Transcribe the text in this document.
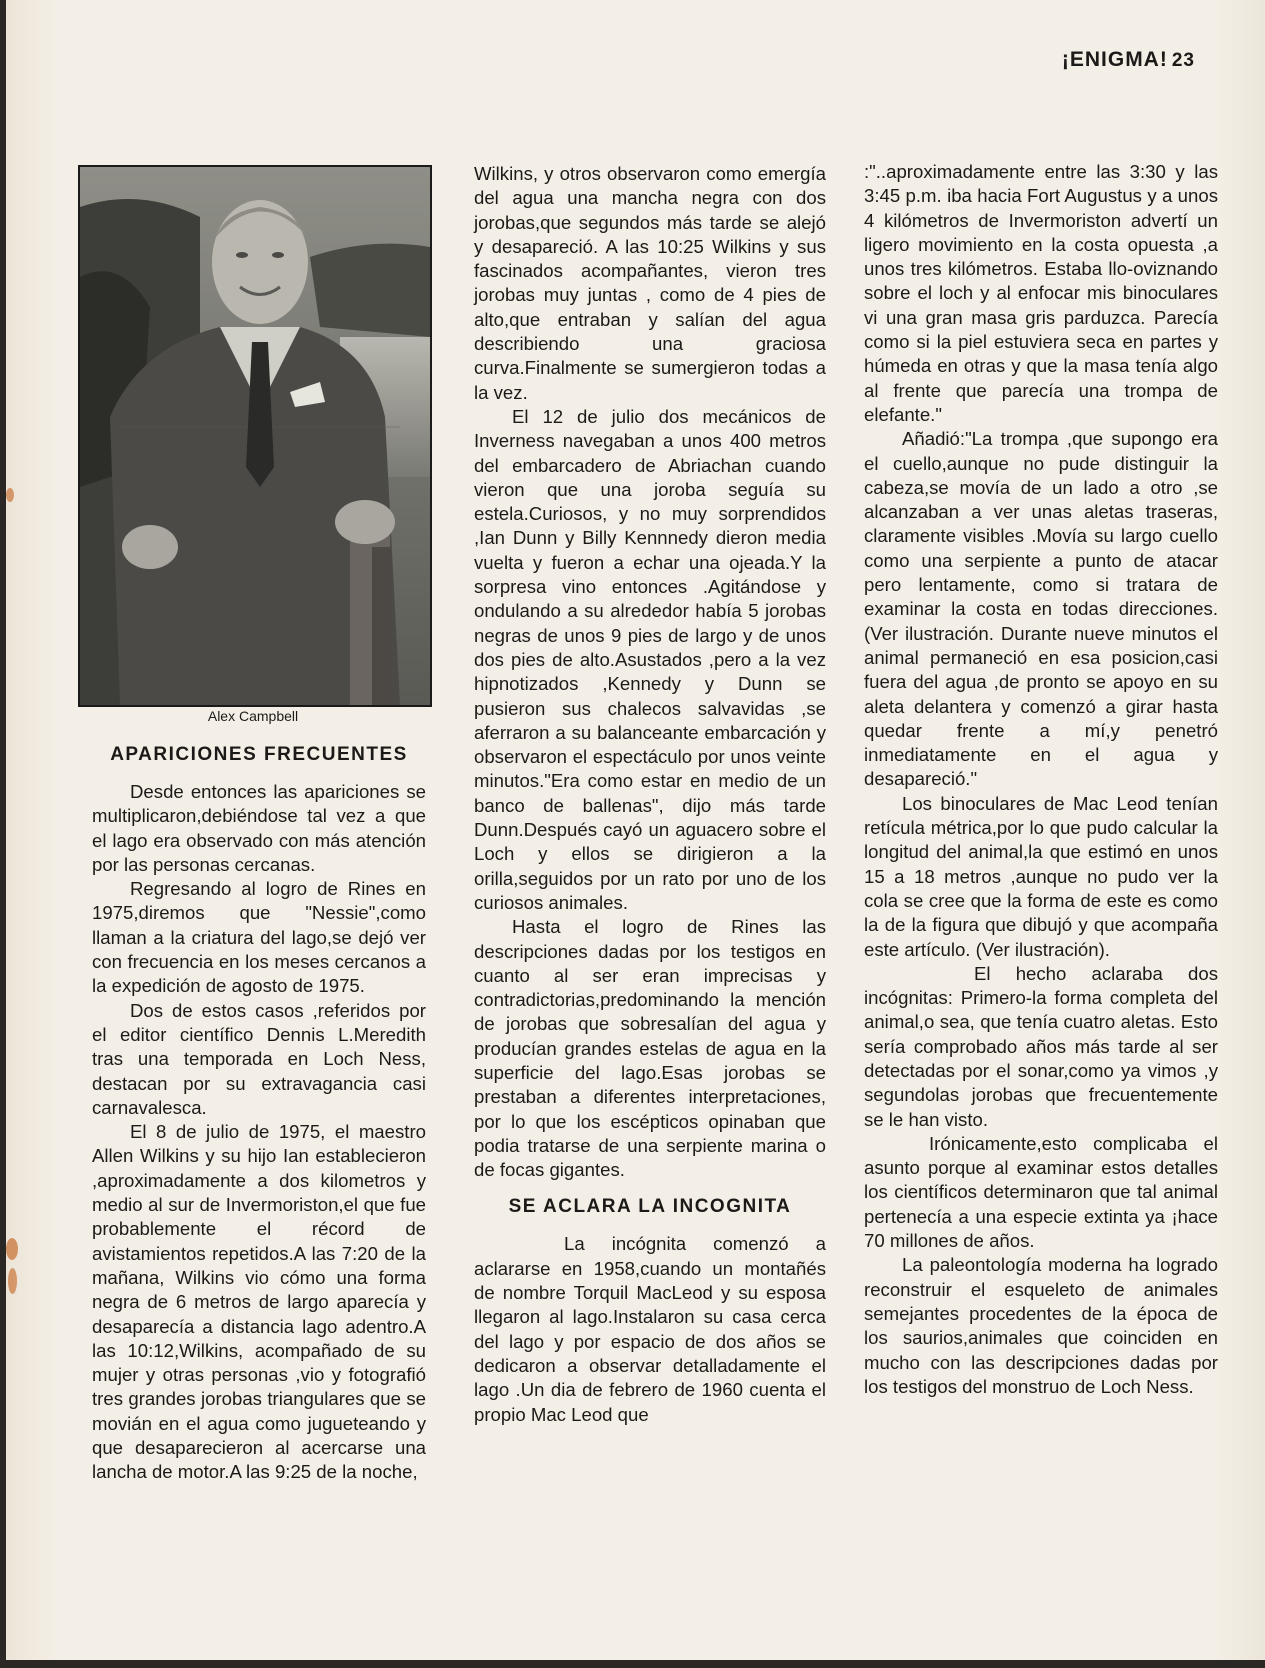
¡ENIGMA! 23
Alex Campbell
APARICIONES FRECUENTES

Desde entonces las apariciones se multiplicaron,debiéndose tal vez a que el lago era observado con más atención por las personas cercanas.

Regresando al logro de Rines en 1975,diremos que "Nessie",como llaman a la criatura del lago,se dejó ver con frecuencia en los meses cercanos a la expedición de agosto de 1975.

Dos de estos casos ,referidos por el editor científico Dennis L.Meredith tras una temporada en Loch Ness, destacan por su extravagancia casi carnavalesca.

El 8 de julio de 1975, el maestro Allen Wilkins y su hijo Ian establecieron ,aproximadamente a dos kilometros y medio al sur de Invermoriston,el que fue probablemente el récord de avistamientos repetidos.A las 7:20 de la mañana, Wilkins vio cómo una forma negra de 6 metros de largo aparecía y desaparecía a distancia lago adentro.A las 10:12,Wilkins, acompañado de su mujer y otras personas ,vio y fotografió tres grandes jorobas triangulares que se movián en el agua como jugueteando y que desaparecieron al acercarse una lancha de motor.A las 9:25 de la noche,

Wilkins, y otros observaron como emergía del agua una mancha negra con dos jorobas,que segundos más tarde se alejó y desapareció. A las 10:25 Wilkins y sus fascinados acompañantes, vieron tres jorobas muy juntas , como de 4 pies de alto,que entraban y salían del agua describiendo una graciosa curva.Finalmente se sumergieron todas a la vez.

El 12 de julio dos mecánicos de Inverness navegaban a unos 400 metros del embarcadero de Abriachan cuando vieron que una joroba seguía su estela.Curiosos, y no muy sorprendidos ,Ian Dunn y Billy Kennnedy dieron media vuelta y fueron a echar una ojeada.Y la sorpresa vino entonces .Agitándose y ondulando a su alrededor había 5 jorobas negras de unos 9 pies de largo y de unos dos pies de alto.Asustados ,pero a la vez hipnotizados ,Kennedy y Dunn se pusieron sus chalecos salvavidas ,se aferraron a su balanceante embarcación y observaron el espectáculo por unos veinte minutos."Era como estar en medio de un banco de ballenas", dijo más tarde Dunn.Después cayó un aguacero sobre el Loch y ellos se dirigieron a la orilla,seguidos por un rato por uno de los curiosos animales.

Hasta el logro de Rines las descripciones dadas por los testigos en cuanto al ser eran imprecisas y contradictorias,predominando la mención de jorobas que sobresalían del agua y producían grandes estelas de agua en la superficie del lago.Esas jorobas se prestaban a diferentes interpretaciones, por lo que los escépticos opinaban que podia tratarse de una serpiente marina o de focas gigantes.

SE ACLARA LA INCOGNITA

La incógnita comenzó a aclararse en 1958,cuando un montañés de nombre Torquil MacLeod y su esposa llegaron al lago.Instalaron su casa cerca del lago y por espacio de dos años se dedicaron a observar detalladamente el lago .Un dia de febrero de 1960 cuenta el propio Mac Leod que

:"..aproximadamente entre las 3:30 y las 3:45 p.m. iba hacia Fort Augustus y a unos 4 kilómetros de Invermoriston advertí un ligero movimiento en la costa opuesta ,a unos tres kilómetros. Estaba llo-oviznando sobre el loch y al enfocar mis binoculares vi una gran masa gris parduzca. Parecía como si la piel estuviera seca en partes y húmeda en otras y que la masa tenía algo al frente que parecía una trompa de elefante."

Añadió:"La trompa ,que supongo era el cuello,aunque no pude distinguir la cabeza,se movía de un lado a otro ,se alcanzaban a ver unas aletas traseras, claramente visibles .Movía su largo cuello como una serpiente a punto de atacar pero lentamente, como si tratara de examinar la costa en todas direcciones. (Ver ilustración. Durante nueve minutos el animal permaneció en esa posicion,casi fuera del agua ,de pronto se apoyo en su aleta delantera y comenzó a girar hasta quedar frente a mí,y penetró inmediatamente en el agua y desapareció."

Los binoculares de Mac Leod tenían retícula métrica,por lo que pudo calcular la longitud del animal,la que estimó en unos 15 a 18 metros ,aunque no pudo ver la cola se cree que la forma de este es como la de la figura que dibujó y que acompaña este artículo. (Ver ilustración).

El hecho aclaraba dos incógnitas: Primero-la forma completa del animal,o sea, que tenía cuatro aletas. Esto sería comprobado años más tarde al ser detectadas por el sonar,como ya vimos ,y segundolas jorobas que frecuentemente se le han visto.

Irónicamente,esto complicaba el asunto porque al examinar estos detalles los científicos determinaron que tal animal pertenecía a una especie extinta ya ¡hace 70 millones de años.

La paleontología moderna ha logrado reconstruir el esqueleto de animales semejantes procedentes de la época de los saurios,animales que coinciden en mucho con las descripciones dadas por los testigos del monstruo de Loch Ness.
